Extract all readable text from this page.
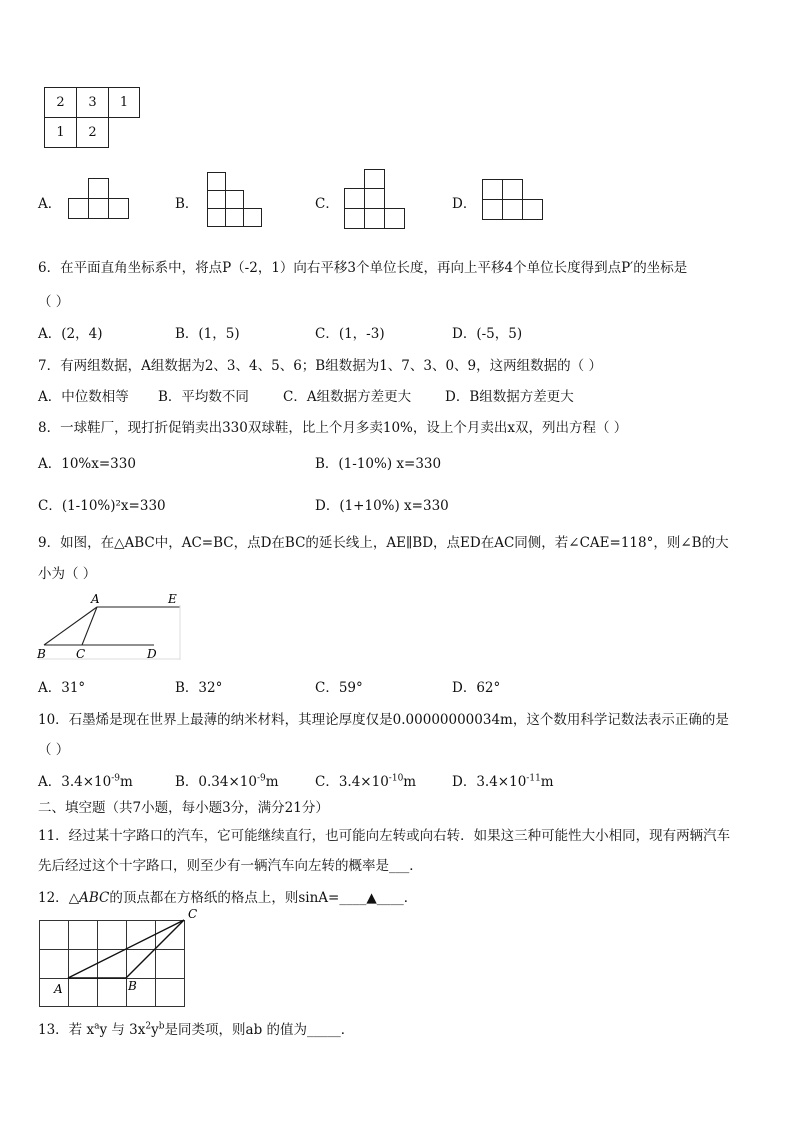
2	3	1
1	2
A．	B．	C．	D．
6．在平面直角坐标系中，将点P（-2，1）向右平移3个单位长度，再向上平移4个单位长度得到点P′的坐标是
（ ）
A．(2，4)	B．(1，5)	C．(1，-3)	D．(-5，5)
7．有两组数据，A组数据为2、3、4、5、6；B组数据为1、7、3、0、9，这两组数据的（ ）
A．中位数相等 B．平均数不同	C．A组数据方差更大	D．B组数据方差更大
8．一球鞋厂，现打折促销卖出330双球鞋，比上个月多卖10%，设上个月卖出x双，列出方程（ ）
A．10%x=330	B．(1-10%) x=330
C．(1-10%)²x=330	D．(1+10%) x=330
9．如图，在△ABC中，AC=BC，点D在BC的延长线上，AE∥BD，点ED在AC同侧，若∠CAE=118°，则∠B的大
小为（ ）
A	E
B	C	D
A．31°	B．32°	C．59°	D．62°
10．石墨烯是现在世界上最薄的纳米材料，其理论厚度仅是0.00000000034m，这个数用科学记数法表示正确的是
（ ）
A．$3.4\times 10^{-9}m$	B．$0.34\times 10^{-9}m$	C．$3.4\times 10^{-10}m$	D．$3.4\times 10^{-11}m$
二、填空题（共7小题，每小题3分，满分21分）
11．经过某十字路口的汽车，它可能继续直行，也可能向左转或向右转．如果这三种可能性大小相同，现有两辆汽车
先后经过这个十字路口，则至少有一辆汽车向左转的概率是___．
12．△ABC的顶点都在方格纸的格点上，则sinA=____▲____．
C
A	B
13．若 $x^ay$ 与 $3x^2y^b$是同类项，则ab 的值为_____．
